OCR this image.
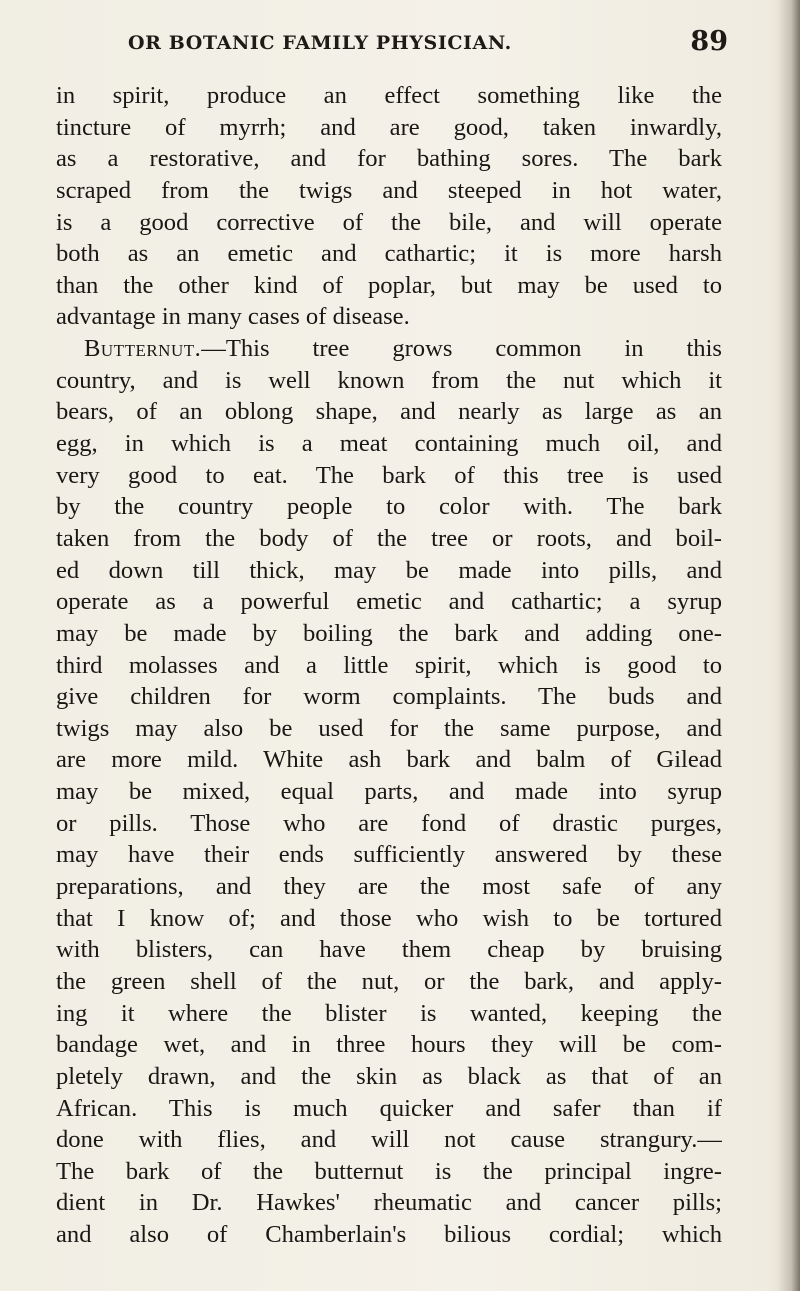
OR BOTANIC FAMILY PHYSICIAN.	89
in spirit, produce an effect something like the
tincture of myrrh; and are good, taken inwardly,
as a restorative, and for bathing sores. The bark
scraped from the twigs and steeped in hot water,
is a good corrective of the bile, and will operate
both as an emetic and cathartic; it is more harsh
than the other kind of poplar, but may be used to
advantage in many cases of disease.
Butternut.—This tree grows common in this
country, and is well known from the nut which it
bears, of an oblong shape, and nearly as large as an
egg, in which is a meat containing much oil, and
very good to eat. The bark of this tree is used
by the country people to color with. The bark
taken from the body of the tree or roots, and boil-
ed down till thick, may be made into pills, and
operate as a powerful emetic and cathartic; a syrup
may be made by boiling the bark and adding one-
third molasses and a little spirit, which is good to
give children for worm complaints. The buds and
twigs may also be used for the same purpose, and
are more mild. White ash bark and balm of Gilead
may be mixed, equal parts, and made into syrup
or pills. Those who are fond of drastic purges,
may have their ends sufficiently answered by these
preparations, and they are the most safe of any
that I know of; and those who wish to be tortured
with blisters, can have them cheap by bruising
the green shell of the nut, or the bark, and apply-
ing it where the blister is wanted, keeping the
bandage wet, and in three hours they will be com-
pletely drawn, and the skin as black as that of an
African. This is much quicker and safer than if
done with flies, and will not cause strangury.—
The bark of the butternut is the principal ingre-
dient in Dr. Hawkes' rheumatic and cancer pills;
and also of Chamberlain's bilious cordial; which
